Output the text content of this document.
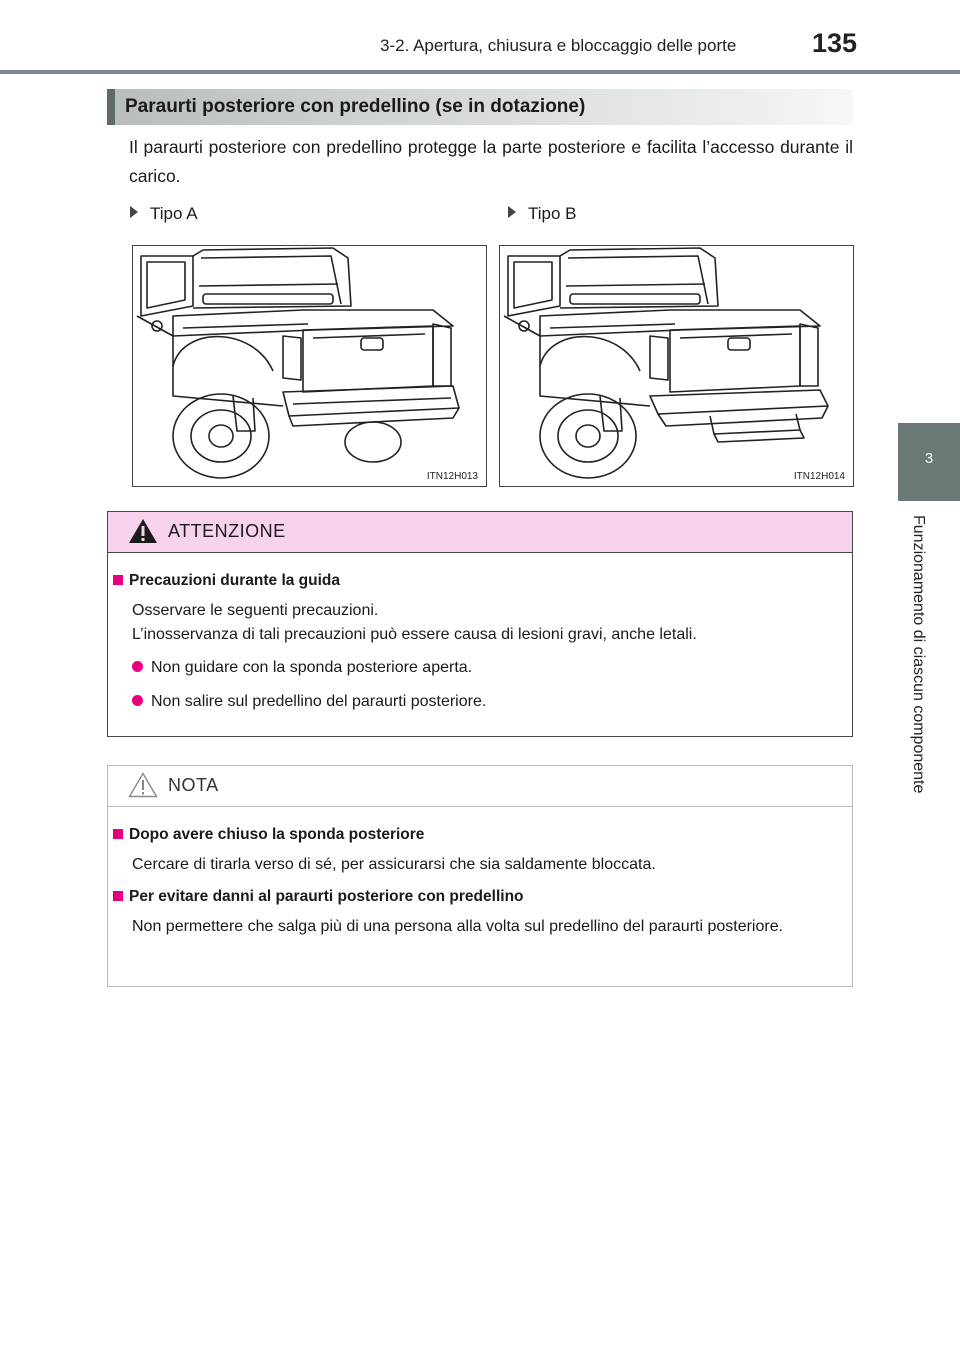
3-2. Apertura, chiusura e bloccaggio delle porte	135
3
Funzionamento di ciascun componente
Paraurti posteriore con predellino (se in dotazione)
Il paraurti posteriore con predellino protegge la parte posteriore e facilita l’accesso durante il carico.
Tipo A	Tipo B
ITN12H013	ITN12H014
ATTENZIONE
Precauzioni durante la guida
Osservare le seguenti precauzioni.
L’inosservanza di tali precauzioni può essere causa di lesioni gravi, anche letali.
Non guidare con la sponda posteriore aperta.
Non salire sul predellino del paraurti posteriore.
NOTA
Dopo avere chiuso la sponda posteriore
Cercare di tirarla verso di sé, per assicurarsi che sia saldamente bloccata.
Per evitare danni al paraurti posteriore con predellino
Non permettere che salga più di una persona alla volta sul predellino del paraurti posteriore.
